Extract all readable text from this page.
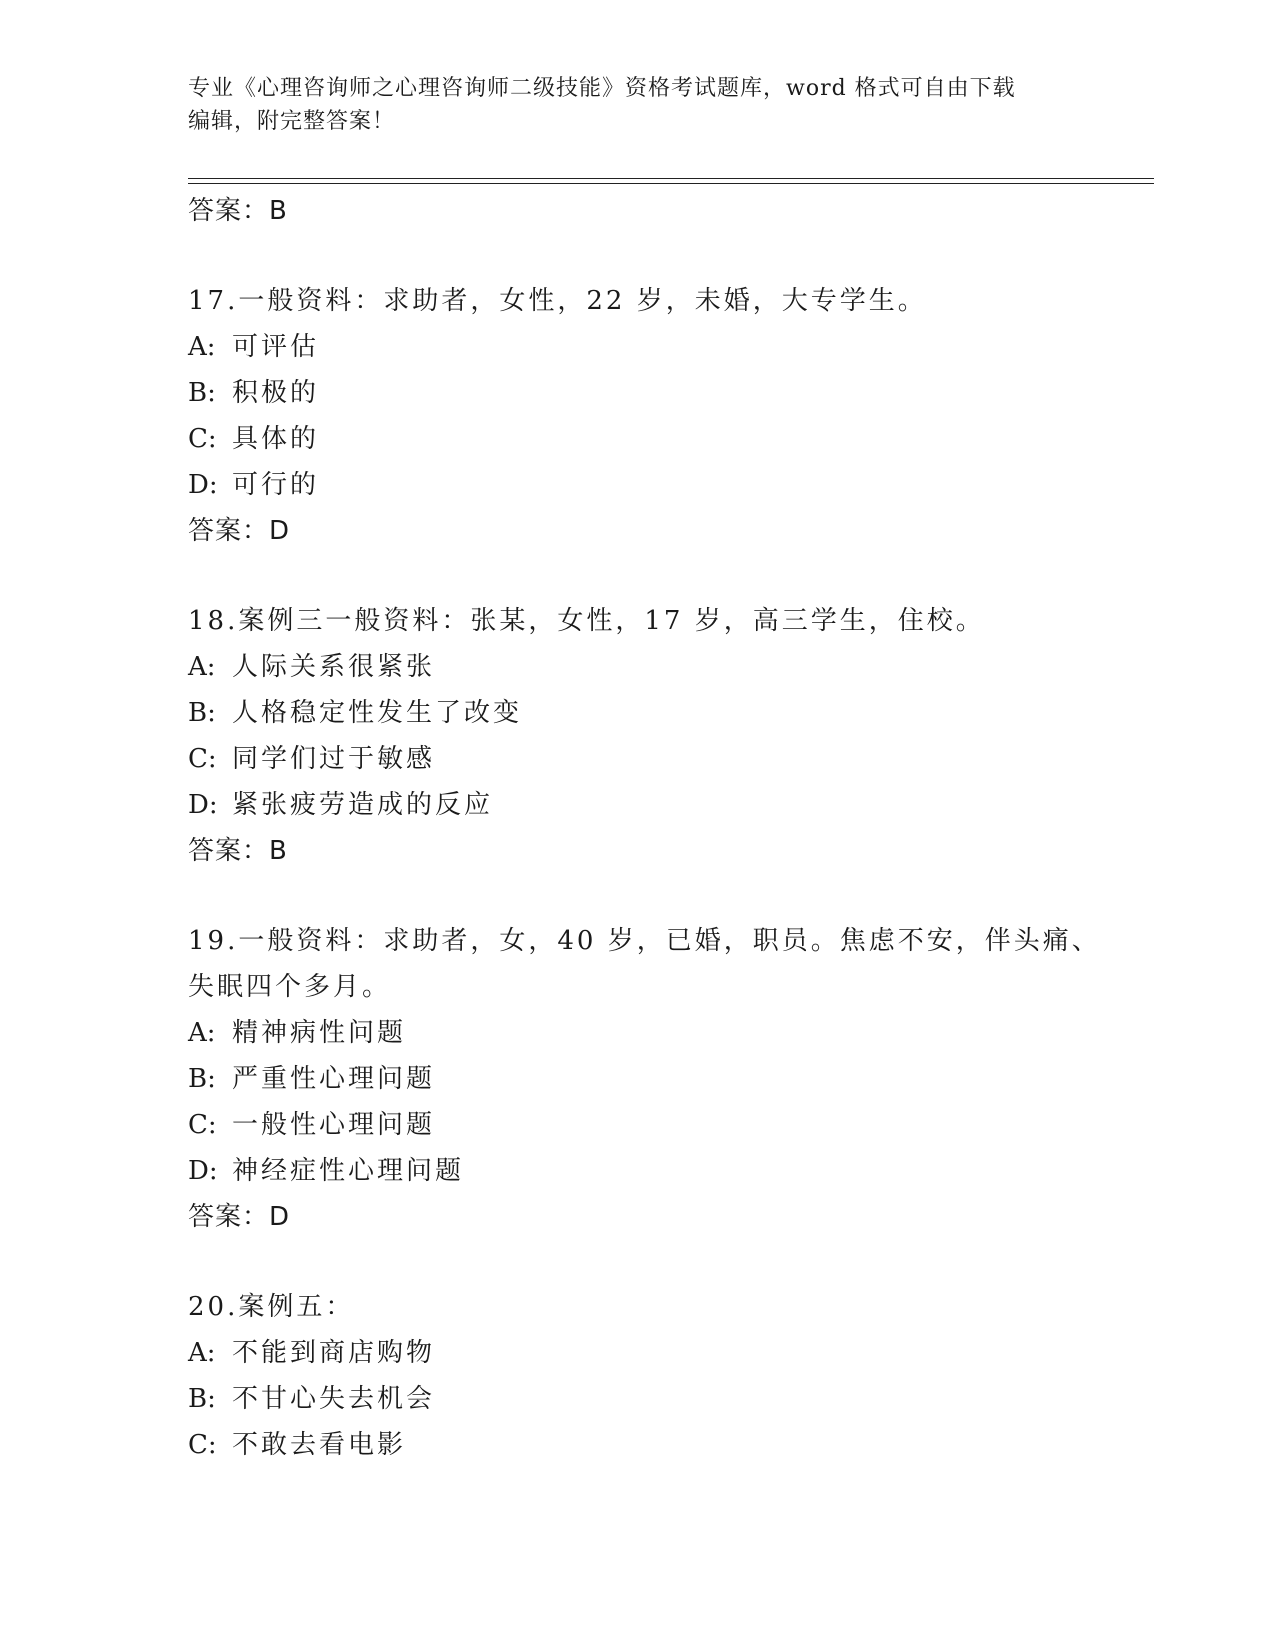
专业《心理咨询师之心理咨询师二级技能》资格考试题库，word 格式可自由下载
编辑，附完整答案！
答案：B
17.一般资料：求助者，女性，22 岁，未婚，大专学生。
A: 可评估
B: 积极的
C: 具体的
D: 可行的
答案：D
18.案例三一般资料：张某，女性，17 岁，高三学生，住校。
A: 人际关系很紧张
B: 人格稳定性发生了改变
C: 同学们过于敏感
D: 紧张疲劳造成的反应
答案：B
19.一般资料：求助者，女，40 岁，已婚，职员。焦虑不安，伴头痛、
失眠四个多月。
A: 精神病性问题
B: 严重性心理问题
C: 一般性心理问题
D: 神经症性心理问题
答案：D
20.案例五：
A: 不能到商店购物
B: 不甘心失去机会
C: 不敢去看电影
